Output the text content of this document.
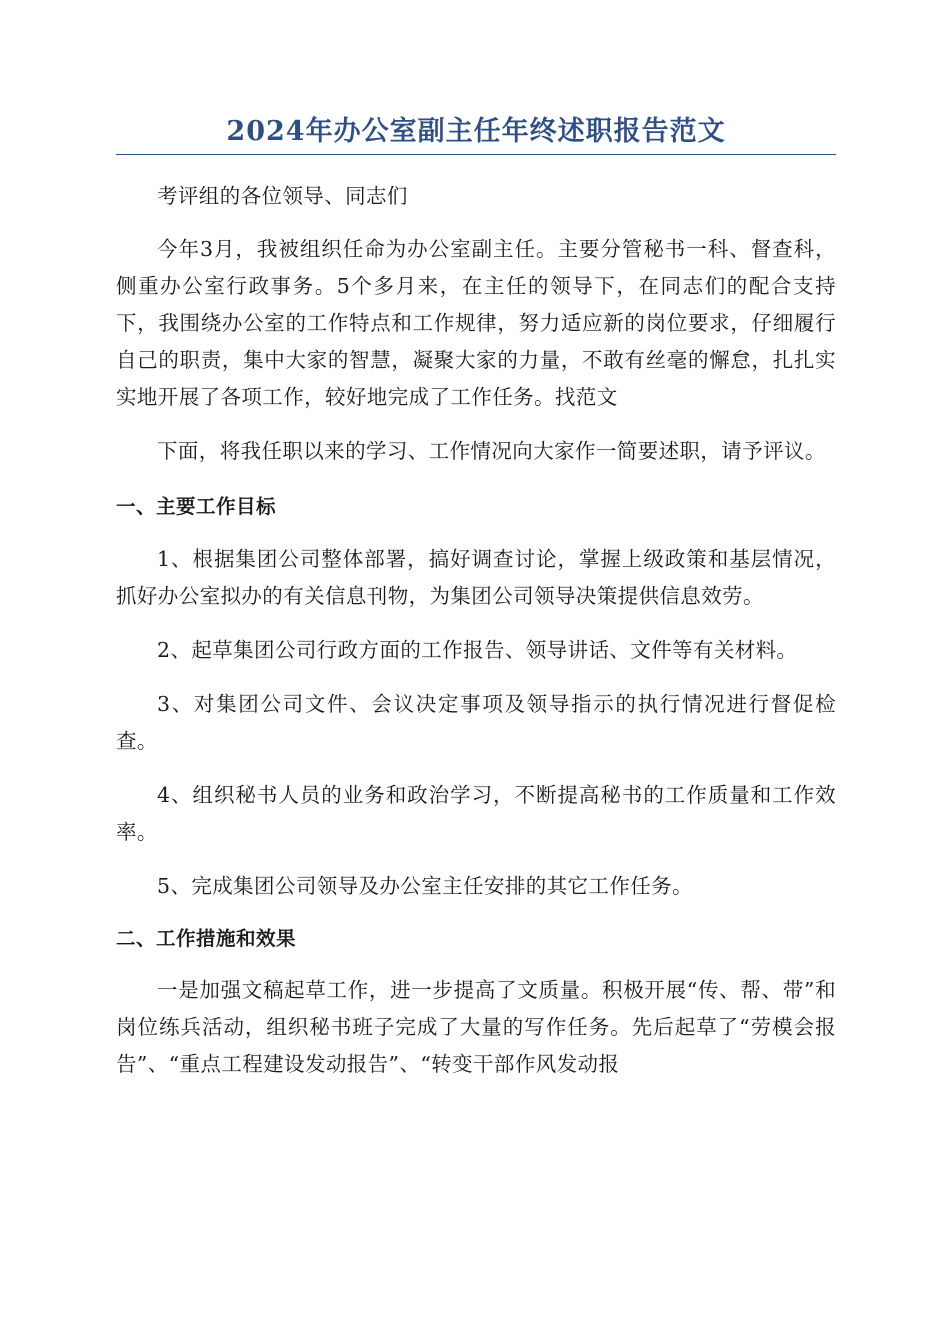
2024年办公室副主任年终述职报告范文

考评组的各位领导、同志们

今年3月，我被组织任命为办公室副主任。主要分管秘书一科、督查科，侧重办公室行政事务。5个多月来，在主任的领导下，在同志们的配合支持下，我围绕办公室的工作特点和工作规律，努力适应新的岗位要求，仔细履行自己的职责，集中大家的智慧，凝聚大家的力量，不敢有丝毫的懈怠，扎扎实实地开展了各项工作，较好地完成了工作任务。找范文

下面，将我任职以来的学习、工作情况向大家作一简要述职，请予评议。

一、主要工作目标

1、根据集团公司整体部署，搞好调查讨论，掌握上级政策和基层情况，抓好办公室拟办的有关信息刊物，为集团公司领导决策提供信息效劳。

2、起草集团公司行政方面的工作报告、领导讲话、文件等有关材料。

3、对集团公司文件、会议决定事项及领导指示的执行情况进行督促检查。

4、组织秘书人员的业务和政治学习，不断提高秘书的工作质量和工作效率。

5、完成集团公司领导及办公室主任安排的其它工作任务。

二、工作措施和效果

一是加强文稿起草工作，进一步提高了文质量。积极开展“传、帮、带”和岗位练兵活动，组织秘书班子完成了大量的写作任务。先后起草了“劳模会报告”、“重点工程建设发动报告”、“转变干部作风发动报
